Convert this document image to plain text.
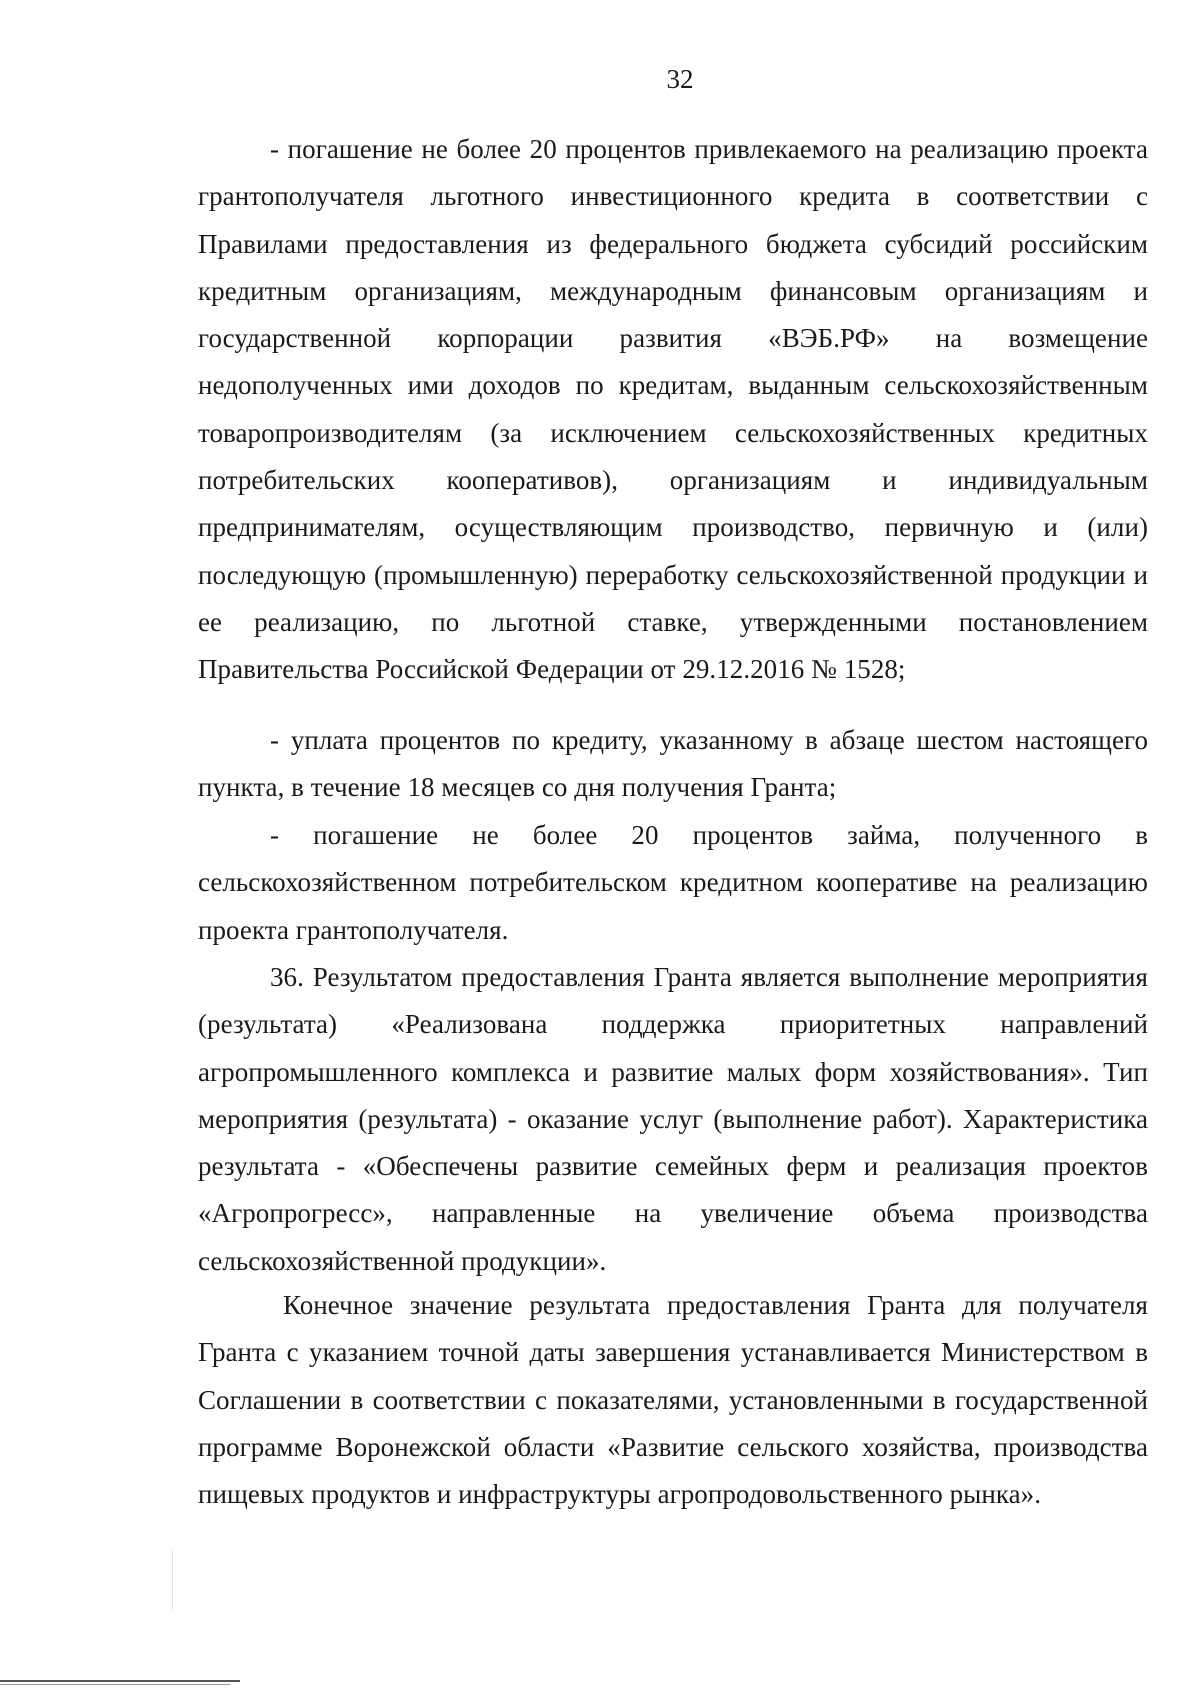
32

- погашение не более 20 процентов привлекаемого на реализацию проекта грантополучателя льготного инвестиционного кредита в соответствии с Правилами предоставления из федерального бюджета субсидий российским кредитным организациям, международным финансовым организациям и государственной корпорации развития «ВЭБ.РФ» на возмещение недополученных ими доходов по кредитам, выданным сельскохозяйственным товаропроизводителям (за исключением сельскохозяйственных кредитных потребительских кооперативов), организациям и индивидуальным предпринимателям, осуществляющим производство, первичную и (или) последующую (промышленную) переработку сельскохозяйственной продукции и ее реализацию, по льготной ставке, утвержденными постановлением Правительства Российской Федерации от 29.12.2016 № 1528;

- уплата процентов по кредиту, указанному в абзаце шестом настоящего пункта, в течение 18 месяцев со дня получения Гранта;

- погашение не более 20 процентов займа, полученного в сельскохозяйственном потребительском кредитном кооперативе на реализацию проекта грантополучателя.

36. Результатом предоставления Гранта является выполнение мероприятия (результата) «Реализована поддержка приоритетных направлений агропромышленного комплекса и развитие малых форм хозяйствования». Тип мероприятия (результата) - оказание услуг (выполнение работ). Характеристика результата - «Обеспечены развитие семейных ферм и реализация проектов «Агропрогресс», направленные на увеличение объема производства сельскохозяйственной продукции».

Конечное значение результата предоставления Гранта для получателя Гранта с указанием точной даты завершения устанавливается Министерством в Соглашении в соответствии с показателями, установленными в государственной программе Воронежской области «Развитие сельского хозяйства, производства пищевых продуктов и инфраструктуры агропродовольственного рынка».
